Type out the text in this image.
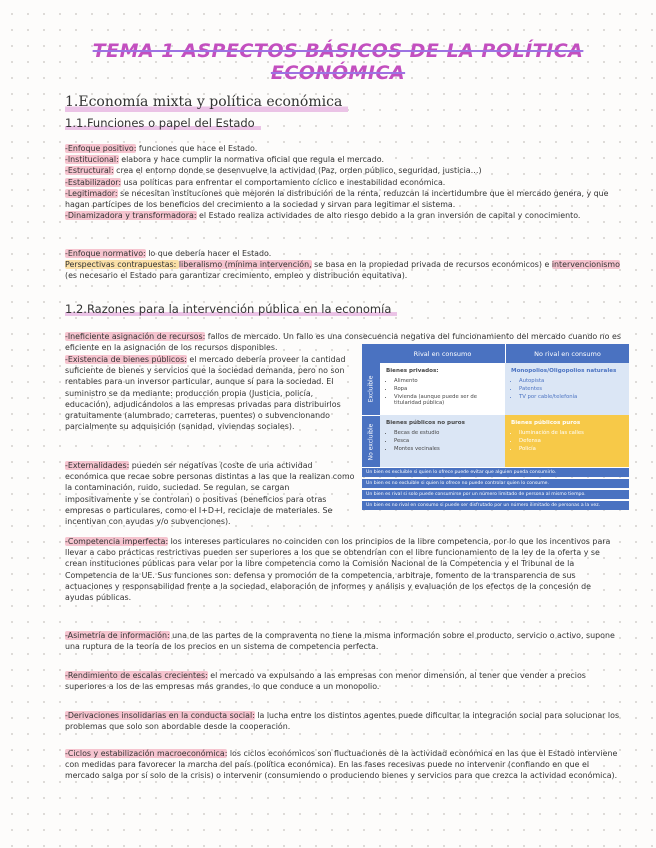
TEMA 1 ASPECTOS BÁSICOS DE LA POLÍTICA ECONÓMICA
1.Economía mixta y política económica
1.1.Funciones o papel del Estado

-Enfoque positivo: funciones que hace el Estado.

-Institucional: elabora y hace cumplir la normativa oficial que regula el mercado.

-Estructural: crea el entorno donde se desenvuelve la actividad (Paz, orden público, seguridad, justicia…)

-Estabilizador: usa políticas para enfrentar el comportamiento cíclico e inestabilidad económica.

-Legitimador: se necesitan instituciones que mejoren la distribución de la renta, reduzcan la incertidumbre que el mercado genera, y que hagan partícipes de los beneficios del crecimiento a la sociedad y sirvan para legitimar el sistema.

-Dinamizadora y transformadora: el Estado realiza actividades de alto riesgo debido a la gran inversión de capital y conocimiento.

-Enfoque normativo: lo que debería hacer el Estado.

Perspectivas contrapuestas: liberalismo (mínima intervención, se basa en la propiedad privada de recursos económicos) e intervencionismo (es necesario el Estado para garantizar crecimiento, empleo y distribución equitativa).

1.2.Razones para la intervención pública en la economía

-Ineficiente asignación de recursos: fallos de mercado. Un fallo es una consecuencia negativa del funcionamiento del mercado cuando no es eficiente en la asignación de los recursos disponibles.

-Existencia de bienes públicos: el mercado debería proveer la cantidad suficiente de bienes y servicios que la sociedad demanda, pero no son rentables para un inversor particular, aunque sí para la sociedad. El suministro se da mediante: producción propia (Justicia, policía, educación), adjudicándolos a las empresas privadas para distribuirlos gratuitamente (alumbrado, carreteras, puentes) o subvencionando parcialmente su adquisición (sanidad, viviendas sociales).

-Externalidades: pueden ser negativas (coste de una actividad económica que recae sobre personas distintas a las que la realizan como la contaminación, ruido, suciedad. Se regulan, se cargan impositivamente y se controlan) o positivas (beneficios para otras empresas o particulares, como el I+D+I, reciclaje de materiales. Se incentivan con ayudas y/o subvenciones).

Rival en consumo	No rival en consumo
Excluible
No excluible
Bienes privados:
• Alimento
• Ropa
• Vivienda (aunque puede ser de titularidad pública)
Monopolios/Oligopolios naturales
• Autopista
• Patentes
• TV por cable/telefonía
Bienes públicos no puros
• Becas de estudio
• Pesca
• Montes vecinales
Bienes públicos puros
• Iluminación de las calles
• Defensa
• Policía
Un bien es excluible si quien lo ofrece puede evitar que alguien pueda consumirlo.
Un bien es no excluible si quien lo ofrece no puede controlar quien lo consume.
Un bien es rival si solo puede consumirse por un número limitado de persona al mismo tiempo.
Un bien es no rival en consumo si puede ser disfrutado por un número ilimitado de personas a la vez.

-Competencia imperfecta: los intereses particulares no coinciden con los principios de la libre competencia, por lo que los incentivos para llevar a cabo prácticas restrictivas pueden ser superiores a los que se obtendrían con el libre funcionamiento de la ley de la oferta y se crean instituciones públicas para velar por la libre competencia como la Comisión Nacional de la Competencia y el Tribunal de la Competencia de la UE. Sus funciones son: defensa y promoción de la competencia, arbitraje, fomento de la transparencia de sus actuaciones y responsabilidad frente a la sociedad, elaboración de informes y análisis y evaluación de los efectos de la concesión de ayudas públicas.

-Asimetría de información: una de las partes de la compraventa no tiene la misma información sobre el producto, servicio o activo, supone una ruptura de la teoría de los precios en un sistema de competencia perfecta.

-Rendimiento de escalas crecientes: el mercado va expulsando a las empresas con menor dimensión, al tener que vender a precios superiores a los de las empresas más grandes, lo que conduce a un monopolio.

-Derivaciones insolidarias en la conducta social: la lucha entre los distintos agentes puede dificultar la integración social para solucionar los problemas que solo son abordable desde la cooperación.

-Ciclos y estabilización macroeconómica: los ciclos económicos son fluctuaciones de la actividad económica en las que el Estado interviene con medidas para favorecer la marcha del país (política económica). En las fases recesivas puede no intervenir (confiando en que el mercado salga por sí solo de la crisis) o intervenir (consumiendo o produciendo bienes y servicios para que crezca la actividad económica).
